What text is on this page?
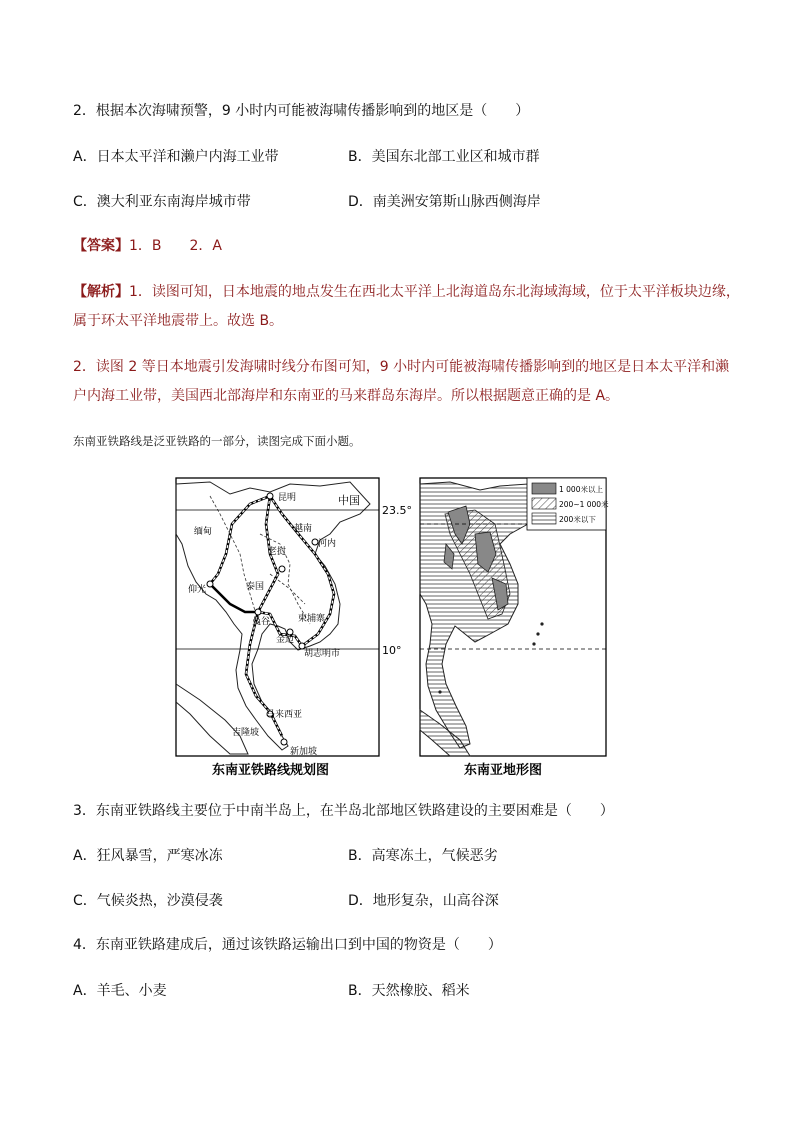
2．根据本次海啸预警，9 小时内可能被海啸传播影响到的地区是（　　）
A．日本太平洋和濑户内海工业带	B．美国东北部工业区和城市群
C．澳大利亚东南海岸城市带	D．南美洲安第斯山脉西侧海岸
【答案】1．B　　2．A
【解析】1．读图可知，日本地震的地点发生在西北太平洋上北海道岛东北海域海域，位于太平洋板块边缘，
属于环太平洋地震带上。故选 B。
2．读图 2 等日本地震引发海啸时线分布图可知，9 小时内可能被海啸传播影响到的地区是日本太平洋和濑
户内海工业带，美国西北部海岸和东南亚的马来群岛东海岸。所以根据题意正确的是 A。
东南亚铁路线是泛亚铁路的一部分，读图完成下面小题。
昆明	中国
23.5°
缅甸	越南
河内
老挝
仰光	泰国
曼谷	柬埔寨
金边
胡志明市	10°
马来西亚
吉隆坡
新加坡
东南亚铁路线规划图
1 000米以上
200~1 000米
200米以下
东南亚地形图
3．东南亚铁路线主要位于中南半岛上，在半岛北部地区铁路建设的主要困难是（　　）
A．狂风暴雪，严寒冰冻	B．高寒冻土，气候恶劣
C．气候炎热，沙漠侵袭	D．地形复杂，山高谷深
4．东南亚铁路建成后，通过该铁路运输出口到中国的物资是（　　）
A．羊毛、小麦	B．天然橡胶、稻米
